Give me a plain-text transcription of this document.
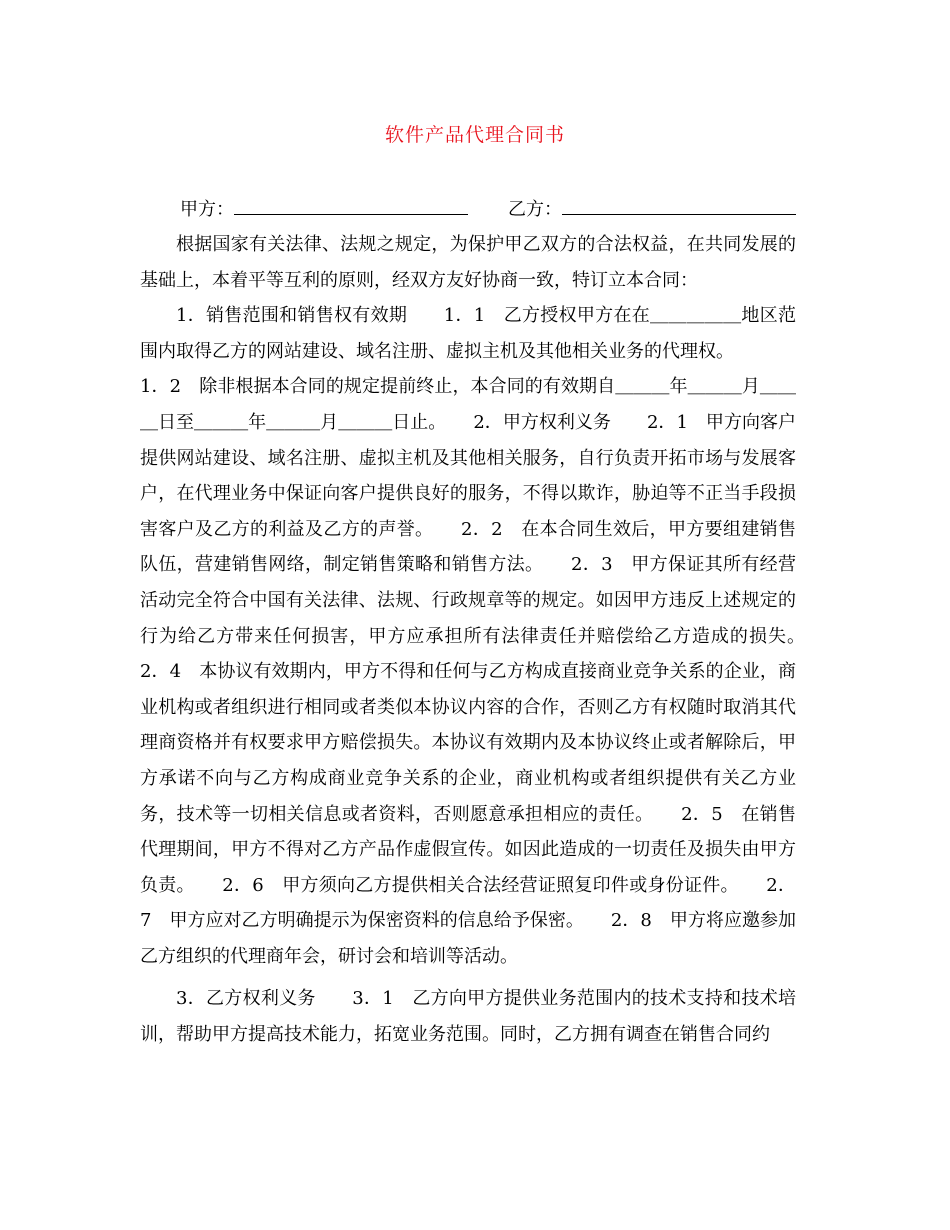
软件产品代理合同书
甲方：	乙方：

根据国家有关法律、法规之规定，为保护甲乙双方的合法权益，在共同发展的基础上，本着平等互利的原则，经双方友好协商一致，特订立本合同：

1．销售范围和销售权有效期　　1．1　乙方授权甲方在在＿＿＿＿＿地区范围内取得乙方的网站建设、域名注册、虚拟主机及其他相关业务的代理权。

1．2　除非根据本合同的规定提前终止，本合同的有效期自＿＿＿年＿＿＿月＿＿＿日至＿＿＿年＿＿＿月＿＿＿日止。　　2．甲方权利义务　　2．1　甲方向客户提供网站建设、域名注册、虚拟主机及其他相关服务，自行负责开拓市场与发展客户，在代理业务中保证向客户提供良好的服务，不得以欺诈，胁迫等不正当手段损害客户及乙方的利益及乙方的声誉。　　2．2　在本合同生效后，甲方要组建销售队伍，营建销售网络，制定销售策略和销售方法。　　2．3　甲方保证其所有经营活动完全符合中国有关法律、法规、行政规章等的规定。如因甲方违反上述规定的行为给乙方带来任何损害，甲方应承担所有法律责任并赔偿给乙方造成的损失。　　2．4　本协议有效期内，甲方不得和任何与乙方构成直接商业竞争关系的企业，商业机构或者组织进行相同或者类似本协议内容的合作，否则乙方有权随时取消其代理商资格并有权要求甲方赔偿损失。本协议有效期内及本协议终止或者解除后，甲方承诺不向与乙方构成商业竞争关系的企业，商业机构或者组织提供有关乙方业务，技术等一切相关信息或者资料，否则愿意承担相应的责任。　　2．5　在销售代理期间，甲方不得对乙方产品作虚假宣传。如因此造成的一切责任及损失由甲方负责。　　2．6　甲方须向乙方提供相关合法经营证照复印件或身份证件。　　2．7　甲方应对乙方明确提示为保密资料的信息给予保密。　　2．8　甲方将应邀参加乙方组织的代理商年会，研讨会和培训等活动。

3．乙方权利义务　　3．1　乙方向甲方提供业务范围内的技术支持和技术培训，帮助甲方提高技术能力，拓宽业务范围。同时，乙方拥有调查在销售合同约
